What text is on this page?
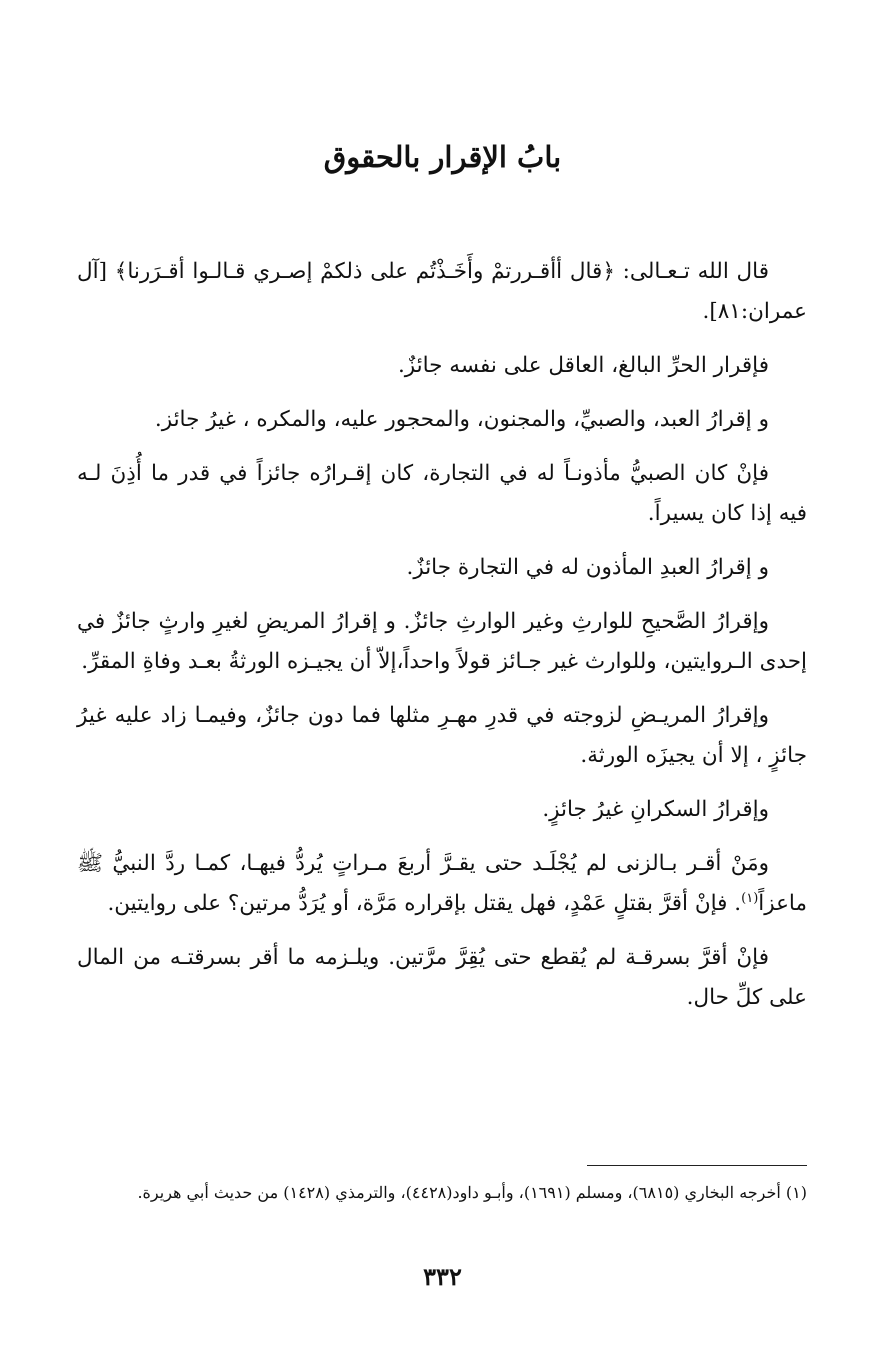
بابُ الإقرار بالحقوق

قال الله تـعـالى: ﴿قال أأقـررتمْ وأَخَـذْتُم على ذلكمْ إصـري قـالـوا أقـرَرنا﴾ [آل عمران:٨١].

فإقرار الحرِّ البالغ، العاقل على نفسه جائزٌ.

و إقرارُ العبد، والصبيِّ، والمجنون، والمحجور عليه، والمكره ، غيرُ جائز.

فإنْ كان الصبيُّ مأذونـاً له في التجارة، كان إقـرارُه جائزاً في قدر ما أُذِنَ لـه فيه إذا كان يسيراً.

و إقرارُ العبدِ المأذون له في التجارة جائزٌ.

وإقرارُ الصَّحيحِ للوارثِ وغير الوارثِ جائزٌ. و إقرارُ المريضِ لغيرِ وارثٍ جائزٌ في إحدى الـروايتين، وللوارث غير جـائز قولاً واحداً،إلاّ أن يجيـزه الورثةُ بعـد وفاةِ المقرِّ.

وإقرارُ المريـضِ لزوجته في قدرِ مهـرِ مثلها فما دون جائزٌ، وفيمـا زاد عليه غيرُ جائزٍ ، إلا أن يجيزَه الورثة.

وإقرارُ السكرانِ غيرُ جائزٍ.

ومَنْ أقـر بـالزنى لم يُجْلَـد حتى يقـرَّ أربعَ مـراتٍ يُردُّ فيهـا، كمـا ردَّ النبيُّ ﷺ ماعزاً$^{(١)}$. فإنْ أقرَّ بقتلٍ عَمْدٍ، فهل يقتل بإقراره مَرَّة، أو يُرَدُّ مرتين؟ على روايتين.

فإنْ أقرَّ بسرقـة لم يُقطع حتى يُقِرَّ مرَّتين. ويلـزمه ما أقر بسرقتـه من المال على كلِّ حال.

(١) أخرجه البخاري (٦٨١٥)، ومسلم (١٦٩١)، وأبـو داود(٤٤٢٨)، والترمذي (١٤٢٨) من حديث أبي هريرة.
٣٣٢
